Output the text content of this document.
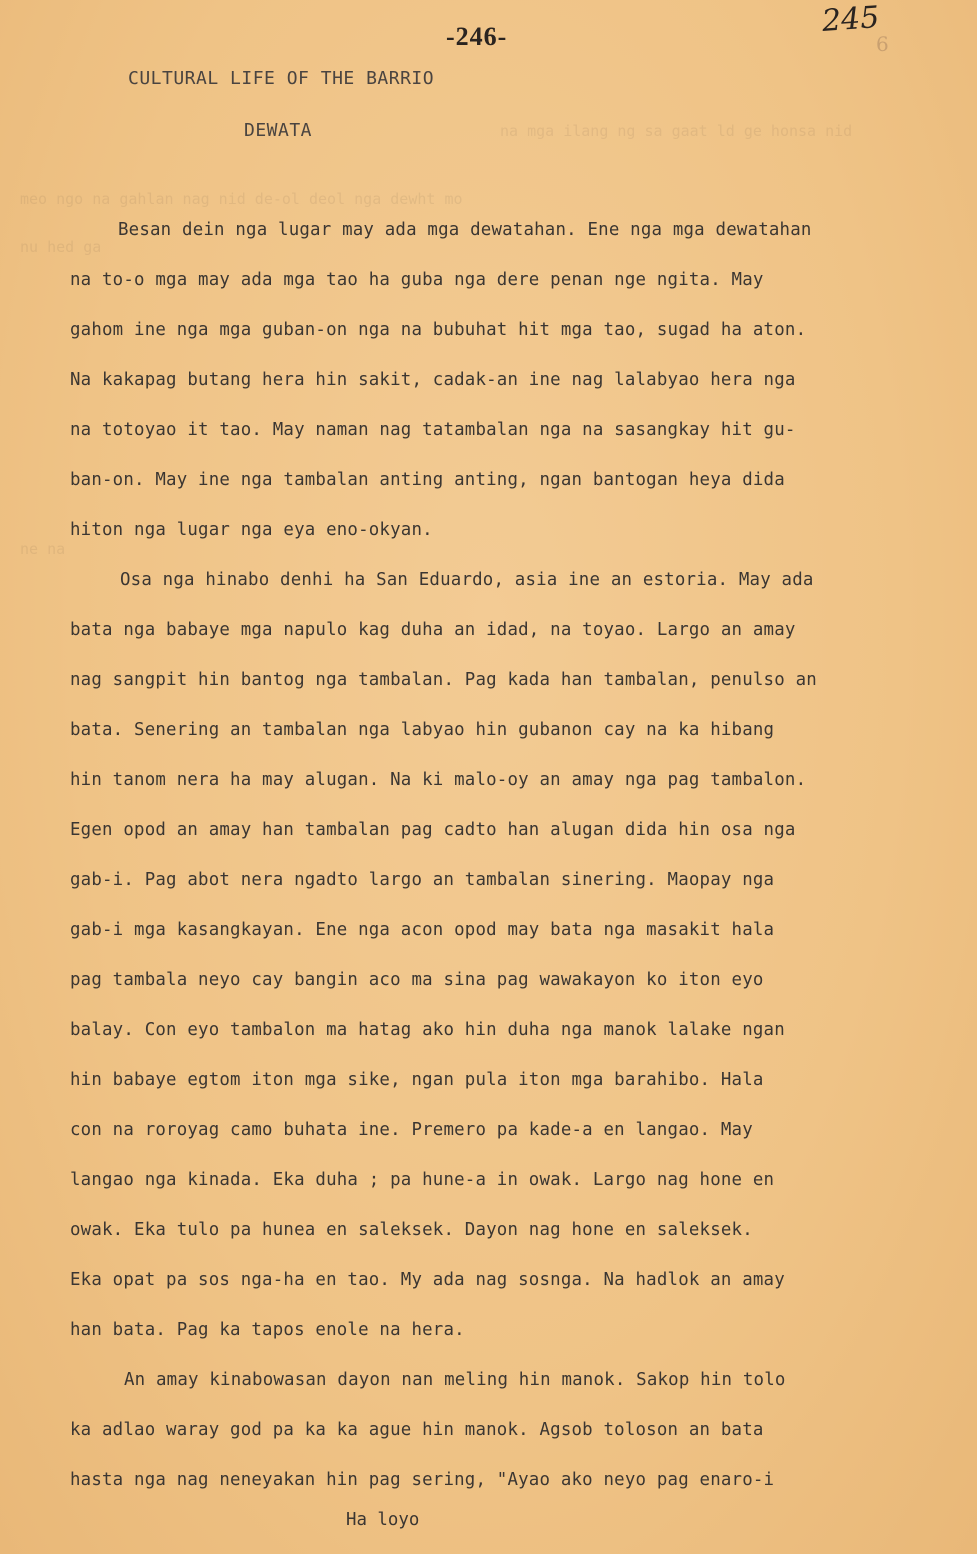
na mga ilang ng sa gaat ld ge honsa nid
meo ngo na gahlan nag nid de-ol deol nga dewht mo
nu hed ga
ne na
-246-	245
6
CULTURAL LIFE OF THE BARRIO
DEWATA
Besan dein nga lugar may ada mga dewatahan. Ene nga mga dewatahan
na to-o mga may ada mga tao ha guba nga dere penan nge ngita. May
gahom ine nga mga guban-on nga na bubuhat hit mga tao, sugad ha aton.
Na kakapag butang hera hin sakit, cadak-an ine nag lalabyao hera nga
na totoyao it tao. May naman nag tatambalan nga na sasangkay hit gu-
ban-on. May ine nga tambalan anting anting, ngan bantogan heya dida
hiton nga lugar nga eya eno-okyan.
Osa nga hinabo denhi ha San Eduardo, asia ine an estoria. May ada
bata nga babaye mga napulo kag duha an idad, na toyao. Largo an amay
nag sangpit hin bantog nga tambalan. Pag kada han tambalan, penulso an
bata. Senering an tambalan nga labyao hin gubanon cay na ka hibang
hin tanom nera ha may alugan. Na ki malo-oy an amay nga pag tambalon.
Egen opod an amay han tambalan pag cadto han alugan dida hin osa nga
gab-i. Pag abot nera ngadto largo an tambalan sinering. Maopay nga
gab-i mga kasangkayan. Ene nga acon opod may bata nga masakit hala
pag tambala neyo cay bangin aco ma sina pag wawakayon ko iton eyo
balay. Con eyo tambalon ma hatag ako hin duha nga manok lalake ngan
hin babaye egtom iton mga sike, ngan pula iton mga barahibo. Hala
con na roroyag camo buhata ine. Premero pa kade-a en langao. May
langao nga kinada. Eka duha ; pa hune-a in owak. Largo nag hone en
owak. Eka tulo pa hunea en saleksek. Dayon nag hone en saleksek.
Eka opat pa sos nga-ha en tao. My ada nag sosnga. Na hadlok an amay
han bata. Pag ka tapos enole na hera.
An amay kinabowasan dayon nan meling hin manok. Sakop hin tolo
ka adlao waray god pa ka ka ague hin manok. Agsob toloson an bata
hasta nga nag neneyakan hin pag sering, "Ayao ako neyo pag enaro-i
Ha loyo
